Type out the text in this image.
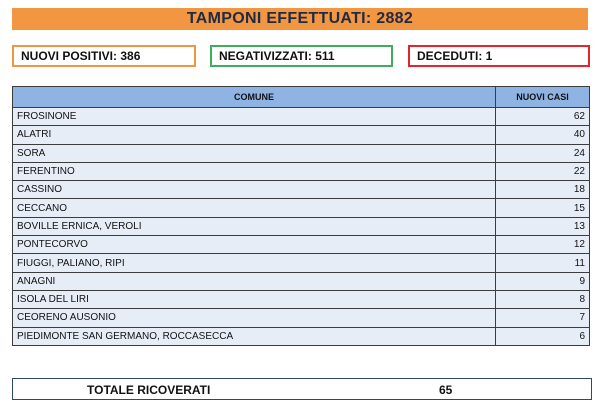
TAMPONI EFFETTUATI: 2882
NUOVI POSITIVI: 386	NEGATIVIZZATI: 511	DECEDUTI: 1
COMUNE	NUOVI CASI
FROSINONE	62
ALATRI	40
SORA	24
FERENTINO	22
CASSINO	18
CECCANO	15
BOVILLE ERNICA, VEROLI	13
PONTECORVO	12
FIUGGI, PALIANO, RIPI	11
ANAGNI	9
ISOLA DEL LIRI	8
CEORENO AUSONIO	7
PIEDIMONTE SAN GERMANO, ROCCASECCA	6
TOTALE RICOVERATI	65
